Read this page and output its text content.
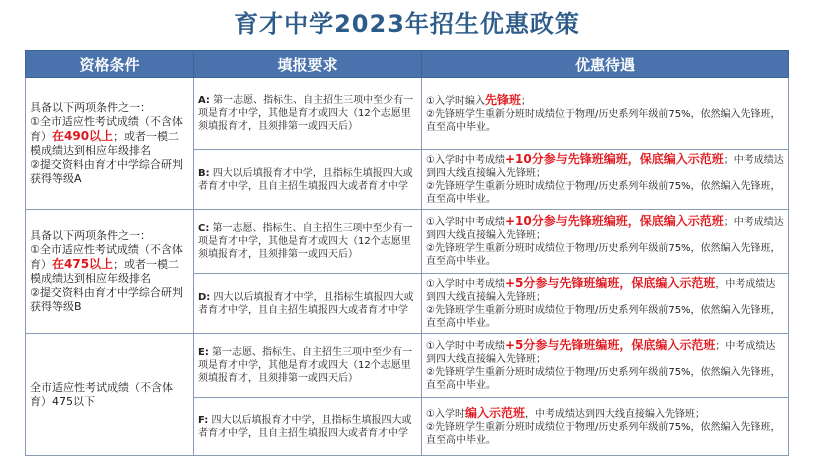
育才中学2023年招生优惠政策
资格条件	填报要求	优惠待遇

具备以下两项条件之一：
①全市适应性考试成绩（不含体育）在490以上；或者一模二模成绩达到相应年级排名
②提交资料由育才中学综合研判获得等级A	A: 第一志愿、指标生、自主招生三项中至少有一项是育才中学，其他是育才或四大（12个志愿里须填报育才，且须排第一或四天后）	①入学时编入先锋班；
②先锋班学生重新分班时成绩位于物理/历史系列年级前75%，依然编入先锋班，直至高中毕业。

	B: 四大以后填报育才中学，且指标生填报四大或者育才中学，且自主招生填报四大或者育才中学	①入学时中考成绩+10分参与先锋班编班，保底编入示范班；中考成绩达到四大线直接编入先锋班；
②先锋班学生重新分班时成绩位于物理/历史系列年级前75%，依然编入先锋班，直至高中毕业。

具备以下两项条件之一：
①全市适应性考试成绩（不含体育）在475以上；或者一模二模成绩达到相应年级排名
②提交资料由育才中学综合研判获得等级B	C: 第一志愿、指标生、自主招生三项中至少有一项是育才中学，其他是育才或四大（12个志愿里须填报育才，且须排第一或四天后）	①入学时中考成绩+10分参与先锋班编班，保底编入示范班；中考成绩达到四大线直接编入先锋班；
②先锋班学生重新分班时成绩位于物理/历史系列年级前75%，依然编入先锋班，直至高中毕业。

	D: 四大以后填报育才中学，且指标生填报四大或者育才中学，且自主招生填报四大或者育才中学	①入学时中考成绩+5分参与先锋班编班，保底编入示范班，中考成绩达到四大线直接编入先锋班；
②先锋班学生重新分班时成绩位于物理/历史系列年级前75%，依然编入先锋班，直至高中毕业。

全市适应性考试成绩（不含体育）475以下	E: 第一志愿、指标生、自主招生三项中至少有一项是育才中学，其他是育才或四大（12个志愿里须填报育才，且须排第一或四天后）	①入学时中考成绩+5分参与先锋班编班，保底编入示范班；中考成绩达到四大线直接编入先锋班；
②先锋班学生重新分班时成绩位于物理/历史系列年级前75%，依然编入先锋班，直至高中毕业。

	F: 四大以后填报育才中学，且指标生填报四大或者育才中学，且自主招生填报四大或者育才中学	①入学时编入示范班，中考成绩达到四大线直接编入先锋班；
②先锋班学生重新分班时成绩位于物理/历史系列年级前75%，依然编入先锋班，直至高中毕业。
